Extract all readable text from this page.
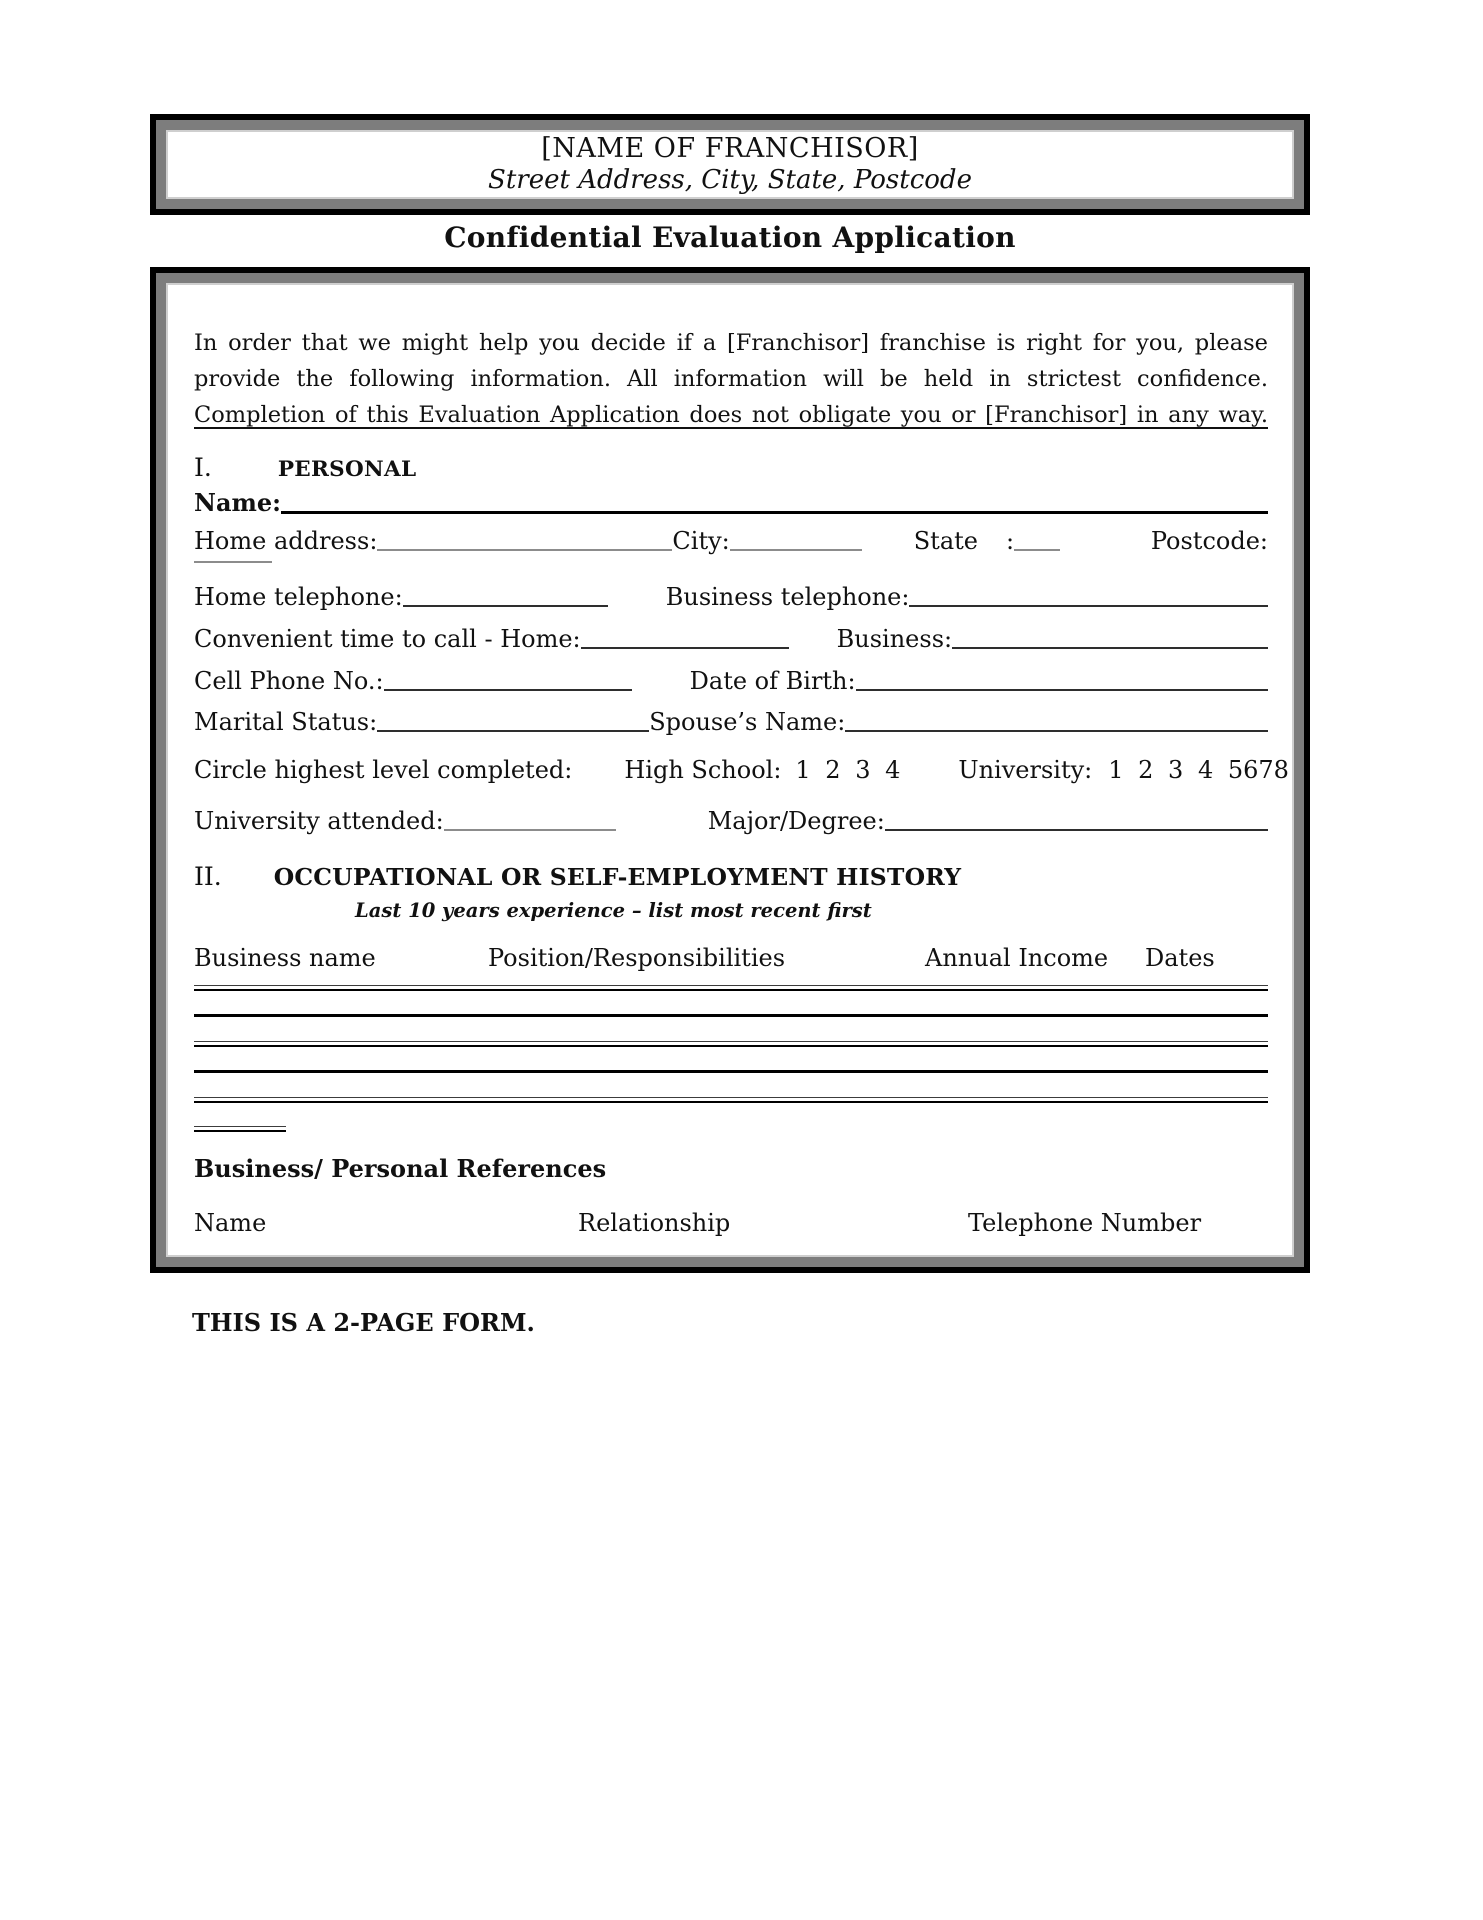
[NAME OF FRANCHISOR]
Street Address, City, State, Postcode
Confidential Evaluation Application
In order that we might help you decide if a [Franchisor] franchise is right for you, please
provide the following information. All information will be held in strictest confidence.
Completion of this Evaluation Application does not obligate you or [Franchisor] in any way.
I.	PERSONAL
Name:
Home address:	City:	State :	Postcode:
Home telephone:	Business telephone:
Convenient time to call - Home:	Business:
Cell Phone No.:	Date of Birth:
Marital Status:	Spouse’s Name:
Circle highest level completed: High School: 1 2 3 4 University: 1 2 3 4 5678
University attended:	Major/Degree:
II. OCCUPATIONAL OR SELF-EMPLOYMENT HISTORY
Last 10 years experience – list most recent first
Business name	Position/Responsibilities	Annual Income	Dates
Business/ Personal References
Name	Relationship	Telephone Number
THIS IS A 2-PAGE FORM.
